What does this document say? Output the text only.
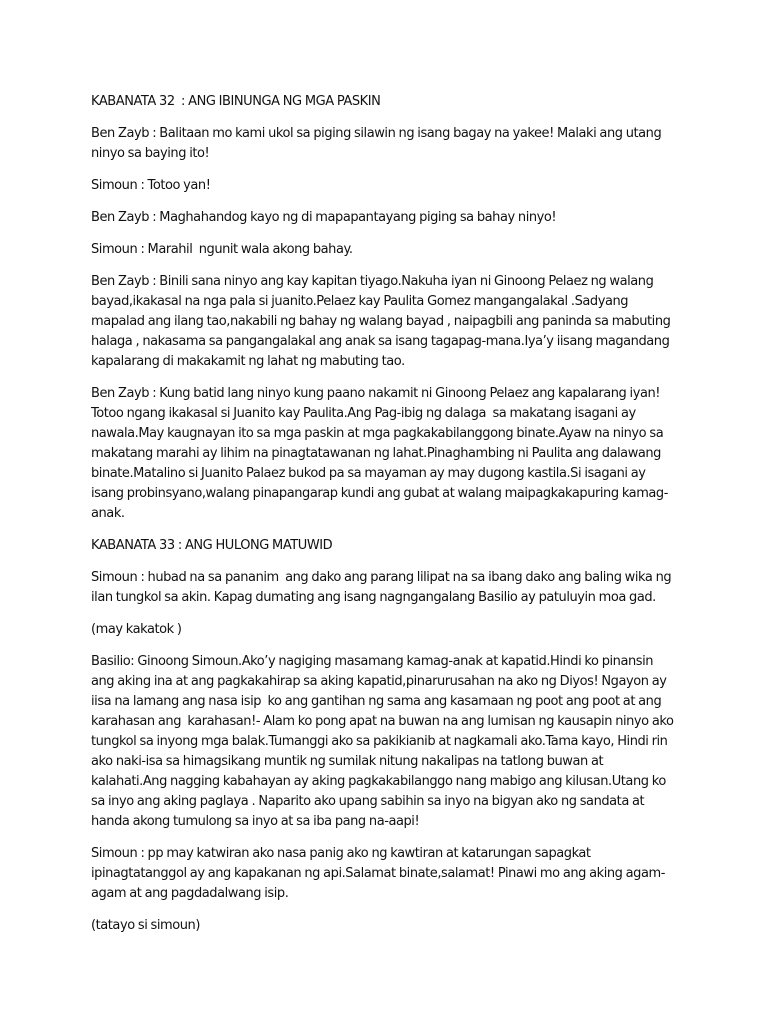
KABANATA 32  : ANG IBINUNGA NG MGA PASKIN

Ben Zayb : Balitaan mo kami ukol sa piging silawin ng isang bagay na yakee! Malaki ang utang ninyo sa baying ito!

Simoun : Totoo yan!

Ben Zayb : Maghahandog kayo ng di mapapantayang piging sa bahay ninyo!

Simoun : Marahil  ngunit wala akong bahay.

Ben Zayb : Binili sana ninyo ang kay kapitan tiyago.Nakuha iyan ni Ginoong Pelaez ng walang bayad,ikakasal na nga pala si juanito.Pelaez kay Paulita Gomez mangangalakal .Sadyang  mapalad ang ilang tao,nakabili ng bahay ng walang bayad , naipagbili ang paninda sa mabuting halaga , nakasama sa pangangalakal ang anak sa isang tagapag-mana.Iya’y iisang magandang kapalarang di makakamit ng lahat ng mabuting tao.

Ben Zayb : Kung batid lang ninyo kung paano nakamit ni Ginoong Pelaez ang kapalarang iyan! Totoo ngang ikakasal si Juanito kay Paulita.Ang Pag-ibig ng dalaga  sa makatang isagani ay nawala.May kaugnayan ito sa mga paskin at mga pagkakabilanggong binate.Ayaw na ninyo sa makatang marahi ay lihim na pinagtatawanan ng lahat.Pinaghambing ni Paulita ang dalawang binate.Matalino si Juanito Palaez bukod pa sa mayaman ay may dugong kastila.Si isagani ay isang probinsyano,walang pinapangarap kundi ang gubat at walang maipagkakapuring kamag-anak.

KABANATA 33 : ANG HULONG MATUWID

Simoun : hubad na sa pananim  ang dako ang parang lilipat na sa ibang dako ang baling wika ng ilan tungkol sa akin. Kapag dumating ang isang nagngangalang Basilio ay patuluyin moa gad.

(may kakatok )

Basilio: Ginoong Simoun.Ako’y nagiging masamang kamag-anak at kapatid.Hindi ko pinansin ang aking ina at ang pagkakahirap sa aking kapatid,pinarurusahan na ako ng Diyos! Ngayon ay iisa na lamang ang nasa isip  ko ang gantihan ng sama ang kasamaan ng poot ang poot at ang karahasan ang  karahasan!- Alam ko pong apat na buwan na ang lumisan ng kausapin ninyo ako tungkol sa inyong mga balak.Tumanggi ako sa pakikianib at nagkamali ako.Tama kayo, Hindi rin ako naki-isa sa himagsikang muntik ng sumilak nitung nakalipas na tatlong buwan at kalahati.Ang nagging kabahayan ay aking pagkakabilanggo nang mabigo ang kilusan.Utang ko sa inyo ang aking paglaya . Naparito ako upang sabihin sa inyo na bigyan ako ng sandata at handa akong tumulong sa inyo at sa iba pang na-aapi!

Simoun : pp may katwiran ako nasa panig ako ng kawtiran at katarungan sapagkat ipinagtatanggol ay ang kapakanan ng api.Salamat binate,salamat! Pinawi mo ang aking agam-agam at ang pagdadalwang isip.

(tatayo si simoun)
